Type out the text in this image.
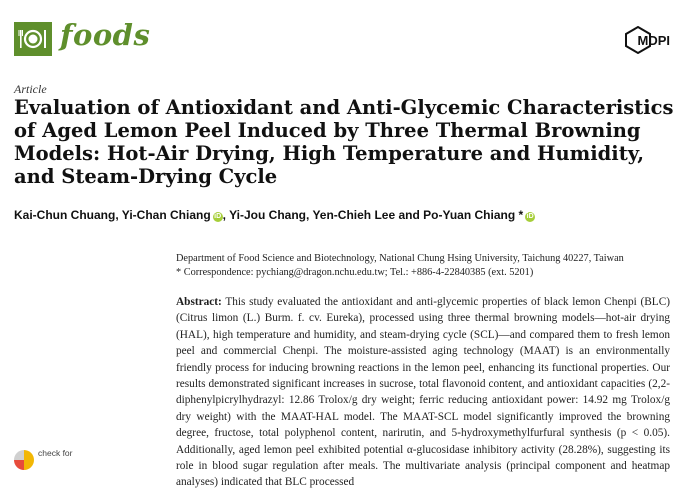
foods	MDPI
Article
Evaluation of Antioxidant and Anti-Glycemic Characteristics of Aged Lemon Peel Induced by Three Thermal Browning Models: Hot-Air Drying, High Temperature and Humidity, and Steam-Drying Cycle
Kai-Chun Chuang, Yi-Chan Chiang iD , Yi-Jou Chang, Yen-Chieh Lee and Po-Yuan Chiang * iD
Department of Food Science and Biotechnology, National Chung Hsing University, Taichung 40227, Taiwan
* Correspondence: pychiang@dragon.nchu.edu.tw; Tel.: +886-4-22840385 (ext. 5201)

Abstract: This study evaluated the antioxidant and anti-glycemic properties of black lemon Chenpi (BLC) (Citrus limon (L.) Burm. f. cv. Eureka), processed using three thermal browning models—hot-air drying (HAL), high temperature and humidity, and steam-drying cycle (SCL)—and compared them to fresh lemon peel and commercial Chenpi. The moisture-assisted aging technology (MAAT) is an environmentally friendly process for inducing browning reactions in the lemon peel, enhancing its functional properties. Our results demonstrated significant increases in sucrose, total flavonoid content, and antioxidant capacities (2,2-diphenylpicrylhydrazyl: 12.86 Trolox/g dry weight; ferric reducing antioxidant power: 14.92 mg Trolox/g dry weight) with the MAAT-HAL model. The MAAT-SCL model significantly improved the browning degree, fructose, total polyphenol content, narirutin, and 5-hydroxymethylfurfural synthesis (p < 0.05). Additionally, aged lemon peel exhibited potential α-glucosidase inhibitory activity (28.28%), suggesting its role in blood sugar regulation after meals. The multivariate analysis (principal component and heatmap analyses) indicated that BLC processed

check for
